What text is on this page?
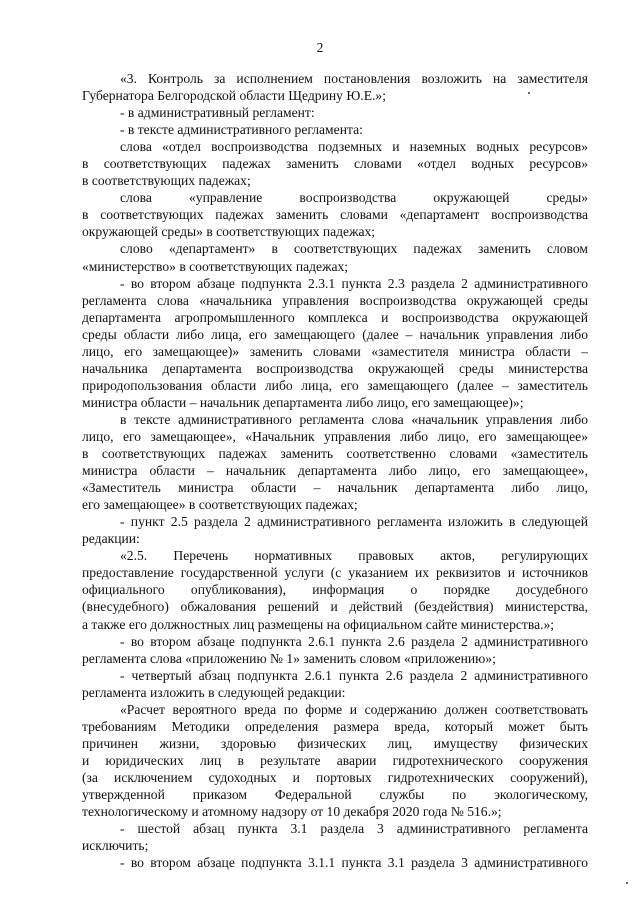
2
«3. Контроль за исполнением постановления возложить на заместителя
Губернатора Белгородской области Щедрину Ю.Е.»;
- в административный регламент:
- в тексте административного регламента:
слова «отдел воспроизводства подземных и наземных водных ресурсов»
в соответствующих падежах заменить словами «отдел водных ресурсов»
в соответствующих падежах;
слова «управление воспроизводства окружающей среды»
в соответствующих падежах заменить словами «департамент воспроизводства
окружающей среды» в соответствующих падежах;
слово «департамент» в соответствующих падежах заменить словом
«министерство» в соответствующих падежах;
- во втором абзаце подпункта 2.3.1 пункта 2.3 раздела 2 административного
регламента слова «начальника управления воспроизводства окружающей среды
департамента агропромышленного комплекса и воспроизводства окружающей
среды области либо лица, его замещающего (далее – начальник управления либо
лицо, его замещающее)» заменить словами «заместителя министра области –
начальника департамента воспроизводства окружающей среды министерства
природопользования области либо лица, его замещающего (далее – заместитель
министра области – начальник департамента либо лицо, его замещающее)»;
в тексте административного регламента слова «начальник управления либо
лицо, его замещающее», «Начальник управления либо лицо, его замещающее»
в соответствующих падежах заменить соответственно словами «заместитель
министра области – начальник департамента либо лицо, его замещающее»,
«Заместитель министра области – начальник департамента либо лицо,
его замещающее» в соответствующих падежах;
- пункт 2.5 раздела 2 административного регламента изложить в следующей
редакции:
«2.5. Перечень нормативных правовых актов, регулирующих
предоставление государственной услуги (с указанием их реквизитов и источников
официального опубликования), информация о порядке досудебного
(внесудебного) обжалования решений и действий (бездействия) министерства,
а также его должностных лиц размещены на официальном сайте министерства.»;
- во втором абзаце подпункта 2.6.1 пункта 2.6 раздела 2 административного
регламента слова «приложению № 1» заменить словом «приложению»;
- четвертый абзац подпункта 2.6.1 пункта 2.6 раздела 2 административного
регламента изложить в следующей редакции:
«Расчет вероятного вреда по форме и содержанию должен соответствовать
требованиям Методики определения размера вреда, который может быть
причинен жизни, здоровью физических лиц, имуществу физических
и юридических лиц в результате аварии гидротехнического сооружения
(за исключением судоходных и портовых гидротехнических сооружений),
утвержденной приказом Федеральной службы по экологическому,
технологическому и атомному надзору от 10 декабря 2020 года № 516.»;
- шестой абзац пункта 3.1 раздела 3 административного регламента
исключить;
- во втором абзаце подпункта 3.1.1 пункта 3.1 раздела 3 административного
